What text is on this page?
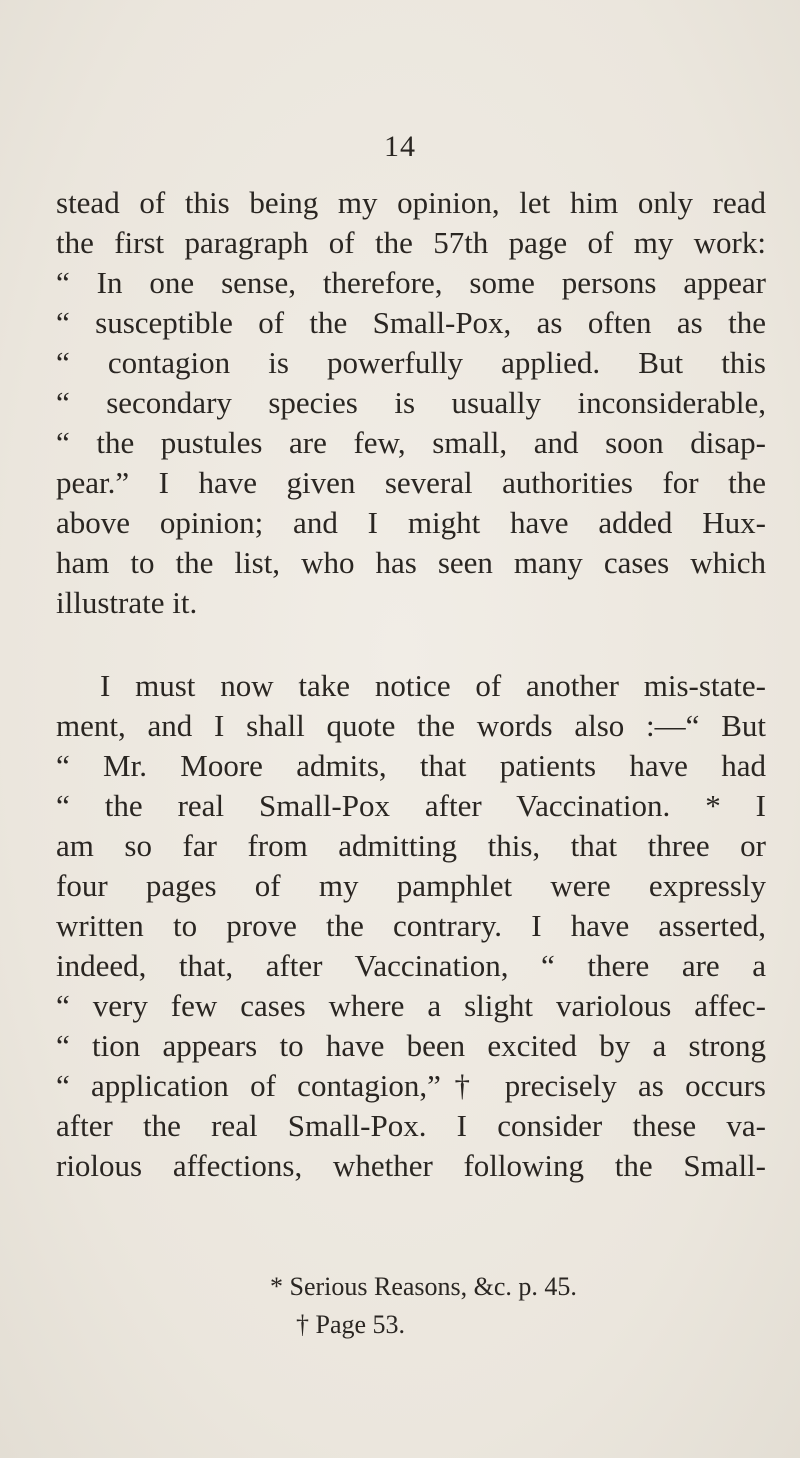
14
stead of this being my opinion, let him only read
the first paragraph of the 57th page of my work:
“ In one sense, therefore, some persons appear
“ susceptible of the Small-Pox, as often as the
“ contagion is powerfully applied. But this
“ secondary species is usually inconsiderable,
“ the pustules are few, small, and soon disap-
pear.” I have given several authorities for the
above opinion; and I might have added Hux-
ham to the list, who has seen many cases which
illustrate it.
I must now take notice of another mis-state-
ment, and I shall quote the words also :—“ But
“ Mr. Moore admits, that patients have had
“ the real Small-Pox after Vaccination. * I
am so far from admitting this, that three or
four pages of my pamphlet were expressly
written to prove the contrary. I have asserted,
indeed, that, after Vaccination, “ there are a
“ very few cases where a slight variolous affec-
“ tion appears to have been excited by a strong
“ application of contagion,”† precisely as occurs
after the real Small-Pox. I consider these va-
riolous affections, whether following the Small-
* Serious Reasons, &c. p. 45.
† Page 53.
